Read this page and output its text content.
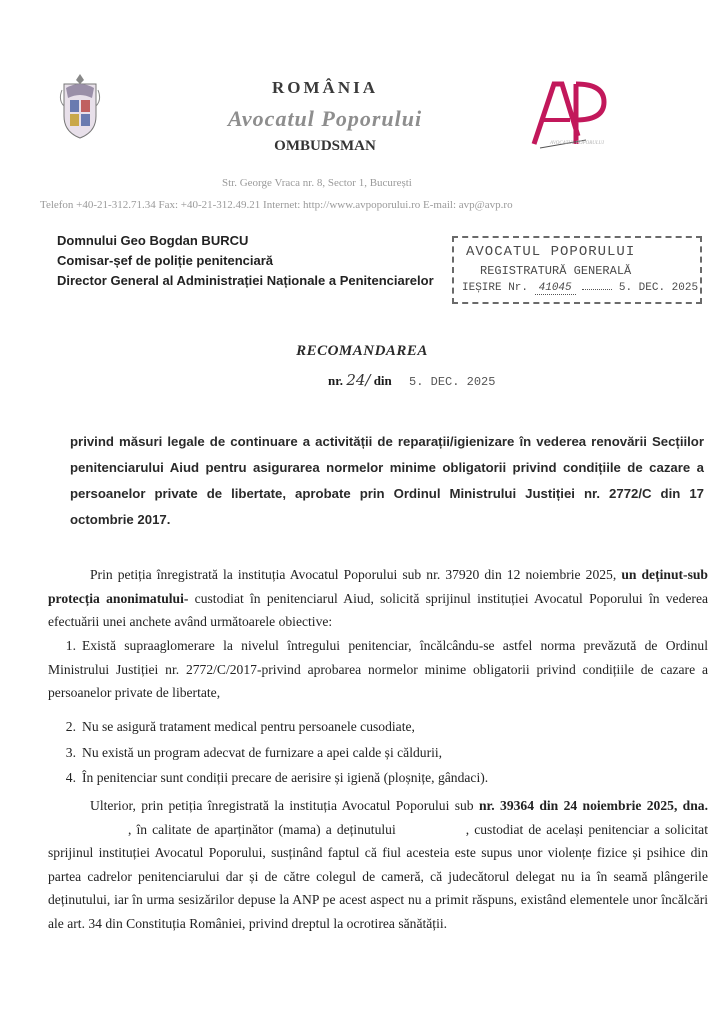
ROMÂNIA
Avocatul Poporului
OMBUDSMAN	AVOCATUL POPORULUI
Str. George Vraca nr. 8, Sector 1, București
Telefon +40-21-312.71.34 Fax: +40-21-312.49.21 Internet: http://www.avpoporului.ro E-mail: avp@avp.ro
Domnului Geo Bogdan BURCU
Comisar-șef de poliție penitenciară
Director General al Administrației Naționale a Penitenciarelor
AVOCATUL POPORULUI
REGISTRATURĂ GENERALĂ
IEȘIRE Nr. 41045	5. DEC. 2025
RECOMANDAREA
nr. 24/ din 5. DEC. 2025
privind măsuri legale de continuare a activității de reparații/igienizare în vederea renovării Secțiilor penitenciarului Aiud pentru asigurarea normelor minime obligatorii privind condițiile de cazare a persoanelor private de libertate, aprobate prin Ordinul Ministrului Justiției nr. 2772/C din 17 octombrie 2017.
Prin petiția înregistrată la instituția Avocatul Poporului sub nr. 37920 din 12 noiembrie 2025, un deținut-sub protecția anonimatului- custodiat în penitenciarul Aiud, solicită sprijinul instituției Avocatul Poporului în vederea efectuării unei anchete având următoarele obiective:
1. Există supraaglomerare la nivelul întregului penitenciar, încălcându-se astfel norma prevăzută de Ordinul Ministrului Justiției nr. 2772/C/2017-privind aprobarea normelor minime obligatorii privind condițiile de cazare a persoanelor private de libertate,
2. Nu se asigură tratament medical pentru persoanele cusodiate,
3. Nu există un program adecvat de furnizare a apei calde și căldurii,
4. În penitenciar sunt condiții precare de aerisire și igienă (ploșnițe, gândaci).
Ulterior, prin petiția înregistrată la instituția Avocatul Poporului sub nr. 39364 din 24 noiembrie 2025, dna., în calitate de aparținător (mama) a deținutului	, custodiat de același penitenciar a solicitat sprijinul instituției Avocatul Poporului, susținând faptul că fiul acesteia este supus unor violențe fizice și psihice din partea cadrelor penitenciarului dar și de către colegul de cameră, că judecătorul delegat nu ia în seamă plângerile deținutului, iar în urma sesizărilor depuse la ANP pe acest aspect nu a primit răspuns, existând elementele unor încălcări ale art. 34 din Constituția României, privind dreptul la ocrotirea sănătății.
